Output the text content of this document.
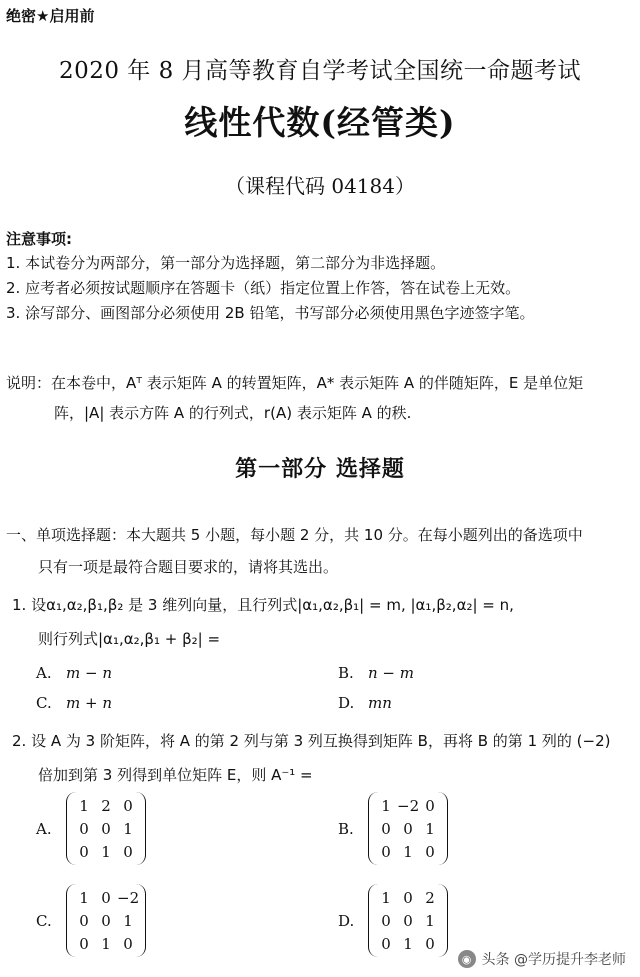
绝密★启用前
2020 年 8 月高等教育自学考试全国统一命题考试
线性代数(经管类)
（课程代码 04184）
注意事项:
1. 本试卷分为两部分，第一部分为选择题，第二部分为非选择题。
2. 应考者必须按试题顺序在答题卡（纸）指定位置上作答，答在试卷上无效。
3. 涂写部分、画图部分必须使用 2B 铅笔，书写部分必须使用黑色字迹签字笔。
说明：在本卷中，Aᵀ 表示矩阵 A 的转置矩阵，A* 表示矩阵 A 的伴随矩阵，E 是单位矩
阵，|A| 表示方阵 A 的行列式，r(A) 表示矩阵 A 的秩.
第一部分 选择题
一、单项选择题：本大题共 5 小题，每小题 2 分，共 10 分。在每小题列出的备选项中
只有一项是最符合题目要求的，请将其选出。
1. 设α₁,α₂,β₁,β₂ 是 3 维列向量，且行列式|α₁,α₂,β₁| = m, |α₁,β₂,α₂| = n,
则行列式|α₁,α₂,β₁ + β₂| =
A. m − n	B. n − m
C. m + n	D. mn
2. 设 A 为 3 阶矩阵，将 A 的第 2 列与第 3 列互换得到矩阵 B，再将 B 的第 1 列的 (−2)
倍加到第 3 列得到单位矩阵 E，则 A⁻¹ =
A.
1 2 0
0 0 1
0 1 0
B.
1 −2 0
0 0 1
0 1 0
C.
1 0 −2
0 0 1
0 1 0
D.
1 0 2
0 0 1
0 1 0
◉ 头条 @学历提升李老师
